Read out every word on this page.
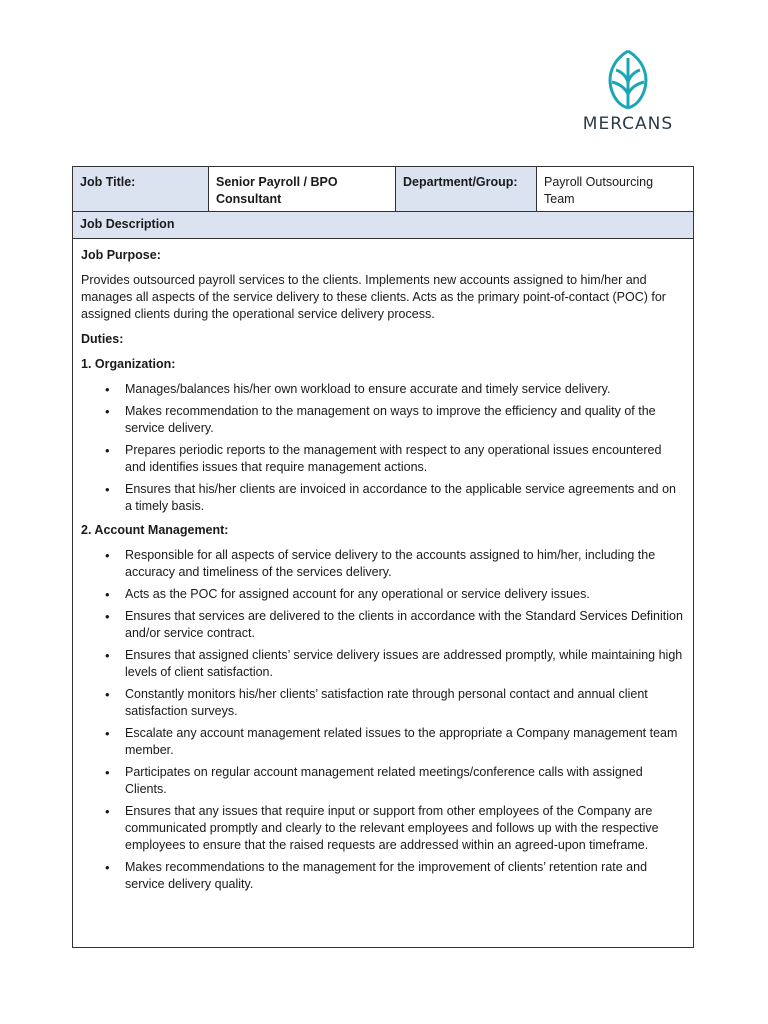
MERCANS
Job Title:	Senior Payroll / BPO Consultant
Department/Group:	Payroll Outsourcing Team
Job Description
Job Purpose:

Provides outsourced payroll services to the clients. Implements new accounts assigned to him/her and manages all aspects of the service delivery to these clients. Acts as the primary point-of-contact (POC) for assigned clients during the operational service delivery process.

Duties:
1. Organization:
• Manages/balances his/her own workload to ensure accurate and timely service delivery.
• Makes recommendation to the management on ways to improve the efficiency and quality of the service delivery.
• Prepares periodic reports to the management with respect to any operational issues encountered and identifies issues that require management actions.
• Ensures that his/her clients are invoiced in accordance to the applicable service agreements and on a timely basis.
2. Account Management:
• Responsible for all aspects of service delivery to the accounts assigned to him/her, including the accuracy and timeliness of the services delivery.
• Acts as the POC for assigned account for any operational or service delivery issues.
• Ensures that services are delivered to the clients in accordance with the Standard Services Definition and/or service contract.
• Ensures that assigned clients’ service delivery issues are addressed promptly, while maintaining high levels of client satisfaction.
• Constantly monitors his/her clients’ satisfaction rate through personal contact and annual client satisfaction surveys.
• Escalate any account management related issues to the appropriate a Company management team member.
• Participates on regular account management related meetings/conference calls with assigned Clients.
• Ensures that any issues that require input or support from other employees of the Company are communicated promptly and clearly to the relevant employees and follows up with the respective employees to ensure that the raised requests are addressed within an agreed-upon timeframe.
• Makes recommendations to the management for the improvement of clients’ retention rate and service delivery quality.
